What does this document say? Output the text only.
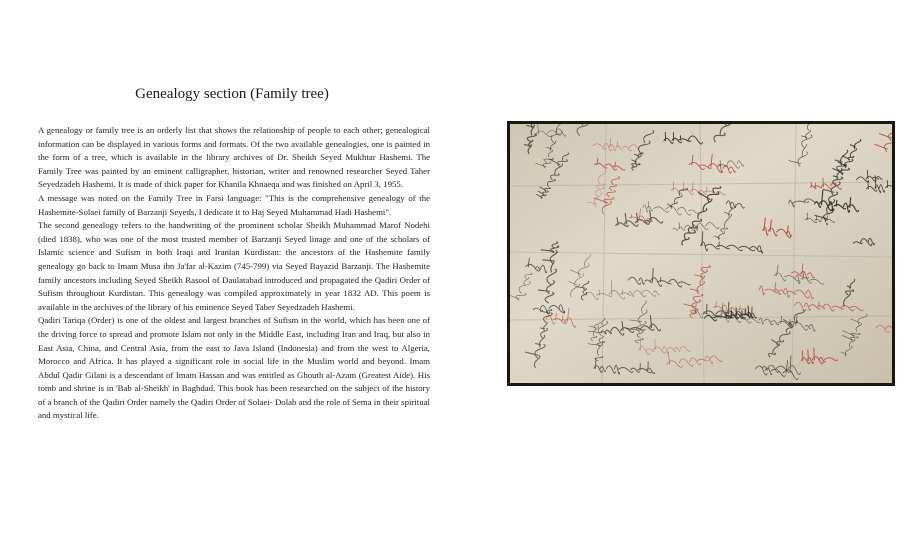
Genealogy section (Family tree)

A genealogy or family tree is an orderly list that shows the relationship of people to each other; genealogical information can be displayed in various forms and formats. Of the two available genealogies, one is painted in the form of a tree, which is available in the library archives of Dr. Sheikh Seyed Mukhtar Hashemi. The Family Tree was painted by an eminent calligrapher, historian, writer and renowned researcher Seyed Taher Seyedzadeh Hashemi. It is made of thick paper for Khanila Khnaeqa and was finished on April 3, 1955.

A message was noted on the Family Tree in Farsi language: "This is the comprehensive genealogy of the Hashemite-Solaei family of Barzanji Seyeds, I dedicate it to Haj Seyed Muhammad Hadi Hashemi".

The second genealogy refers to the handwriting of the prominent scholar Sheikh Muhammad Marof Nodehi (died 1838), who was one of the most trusted member of Barzanji Seyed linage and one of the scholars of Islamic science and Sufism in both Iraqi and Iranian Kurdistan: the ancestors of the Hashemite family genealogy go back to Imam Musa ibn Ja'far al-Kazim (745-799) via Seyed Bayazid Barzanji. The Hashemite family ancestors including Seyed Sheikh Rasool of Daulatabad introduced and propagated the Qadiri Order of Sufism throughout Kurdistan. This genealogy was compiled approximately in year 1832 AD. This poem is available in the archives of the library of his eminence Seyed Taher Seyedzadeh Hashemi.

Qadiri Tariqa (Order) is one of the oldest and largest branches of Sufism in the world, which has been one of the driving force to spread and promote Islam not only in the Middle East, including Iran and Iraq, but also in East Asia, China, and Central Asia, from the east to Java Island (Indonesia) and from the west to Algeria, Morocco and Africa. It has played a significant role in social life in the Muslim world and beyond. Imam Abdul Qadir Gilani is a descendant of Imam Hassan and was entitled as Ghouth al-Azam (Greatest Aide). His tomb and shrine is in 'Bab al-Sheikh' in Baghdad. This book has been researched on the subject of the history of a branch of the Qadiri Order namely the Qadiri Order of Solaei- Dolab and the role of Sema in their spiritual and mystical life.
